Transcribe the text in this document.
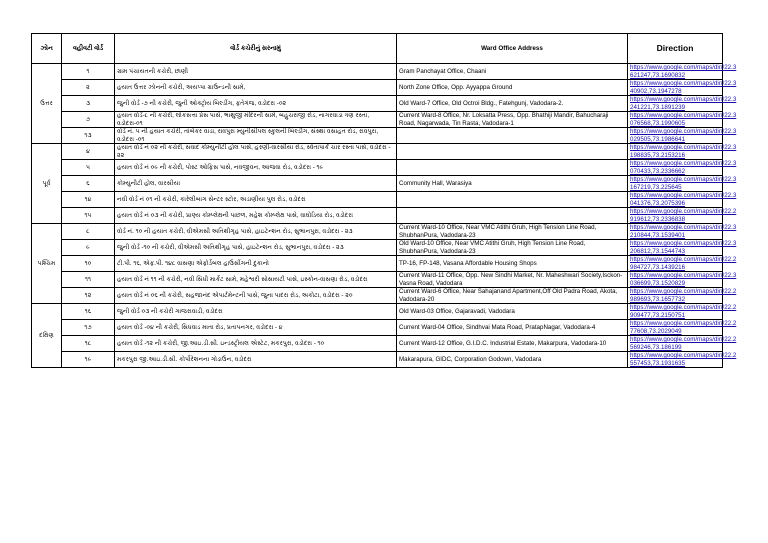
ઝોન	વહીવટી વોર્ડ	વોર્ડ કચેરીનું સરનામું	Ward Office Address	Direction
ઉત્તર	૧	ગ્રામ પંચાયતની કચેરી, છાણી	Gram Panchayat Office, Chaani	https://www.google.com/maps/dir//22.3 621247,73.1690832
	૨	હયાત ઉત્તર ઝોનની કચેરી, અયપ્પા ગ્રાઉન્ડની સામે,	North Zone Office, Opp. Ayyappa Ground	https://www.google.com/maps/dir//22.3 40902,73.1947278
	૩	જુની વોર્ડ -૭ ની કચેરી, જુની ઓક્ટ્રોય બિલ્ડીંગ, ફતેગંજ, વડોદરા -૦૨	Old Ward-7 Office, Old Octroi Bldg., Fatehgunj, Vadodara-2.	https://www.google.com/maps/dir//22.3 241221,73.1891239
	૭	હયાત વોર્ડ-૮ ની કચેરી, લોકસત્તા પ્રેસ પાસે, ભાથુજી મંદિરની સામે, બહુચરાજી રોડ, નાગરવાડા ત્રણ રસ્તા, વડોદરા-૦૧	Current Ward-8 Office, Nr. Loksatta Press, Opp. Bhathiji Mandir, Bahucharaji Road, Nagarwada, Tin Rasta, Vadodara-1	https://www.google.com/maps/dir//22.3 076568,73.1990605
	૧૩	વોર્ડ નં. ૫ ની હયાત કચેરી, તાંબેકર વાડા, રાવપુરા મ્યુનીસીપલ સ્કુલની બિલ્ડીંગ, સંસ્થા વસાહત રોડ, રાવપુરા, વડોદરા -૦૧		https://www.google.com/maps/dir//22.3 029505,73.1986641
પૂર્વ	૪	હયાત વોર્ડ નં ૦૨ ની કચેરી, સવાદ કોમ્યુનીટી હોલ પાસે, હરણી-વારસીયા રોડ, સ્વેતાપાર્ક ચાર રસ્તા પાસે, વડોદરા - ૨૨		https://www.google.com/maps/dir//22.3 198835,73.2153216
	૫	હયાત વોર્ડ નં ૦૯ ની કચેરી, પોસ્ટ ઓફિસ પાસે, નવજીવન, આજવા રોડ, વડોદરા - ૧૯		https://www.google.com/maps/dir//22.3 070433,73.2336662
	૬	કોમ્યુનીટી હોલ, વારસીયા	Community Hall, Warasiya	https://www.google.com/maps/dir//22.3 167219,73.225645
	૧૪	નવી વોર્ડ નં ૦૧ ની કચેરી, કારેલીબાગ સેન્ટર સ્ટોર, અડાણીયા પુલ રોડ, વડોદરા		https://www.google.com/maps/dir//22.3 041376,73.2075396
	૧૫	હયાત વોર્ડ નં ૦૩ ની કચેરી, પ્રાણ્ય કોમ્પ્લેક્ષની પાછળ, મહેશ કોમ્પ્લેક્ષ પાસે, વાઘોડિયા રોડ, વડોદરા		https://www.google.com/maps/dir//22.2 919612,73.2336838
પશ્ચિમ	૮	વોર્ડ નં. ૧૦ ની હયાત કચેરી, વીએમસી અતિથીગૃહ પાસે, હાઇટેન્શન રોડ, સુભાનપુરા, વડોદરા - ૨૩	Current Ward-10 Office, Near VMC Atithi Gruh, High Tension Line Road, ShubhanPura, Vadodara-23	https://www.google.com/maps/dir//22.3 210844,73.1539401
	૯	જુની વોર્ડ -૧૦ ની કચેરી, વીએમસી અતિથીગૃહ પાસે, હાઇટેન્શન રોડ, સુભાનપુરા, વડોદરા - ૨૩	Old Ward-10 Office, Near VMC Atithi Gruh, High Tension Line Road, ShubhanPura, Vadodara-23	https://www.google.com/maps/dir//22.3 206812,73.1544743
	૧૦	ટી.પી. ૧૬, એફ.પી. ૧૪૮ વાસણા એફોર્ડેબલ હાઉસીંગની દુકાનો	TP-16, FP-148, Vasana Affordable Housing Shops	https://www.google.com/maps/dir//22.2 984727,73.1439216
	૧૧	હયાત વોર્ડ નં ૧૧ ની કચેરી, નવી સિંધી માર્કેટ સામે, મહેશ્વરી સોસાયટી પાસે, ઇસ્કોન-વાસણા રોડ, વડોદરા	Current Ward-11 Office, Opp. New Sindhi Market, Nr. Maheshwari Society,Isckon-Vasna Road, Vadodara	https://www.google.com/maps/dir//22.3 036699,73.1520829
	૧૨	હયાત વોર્ડ નં ૦૬ ની કચેરી, સહજાનંદ એપાર્ટમેન્ટની પાસે, જુના પાદરા રોડ, અકોટા, વડોદરા - ૨૦	Current Ward-6 Office, Near Sahajanand Apartment,Off Old Padra Road, Akota, Vadodara-20	https://www.google.com/maps/dir//22.2 989693,73.1657732
દક્ષિણ	૧૬	જુની વોર્ડ ૦૩ ની કચેરી ગાજરાવાડી, વડોદરા	Old Ward-03 Office, Gajaravadi, Vadodara	https://www.google.com/maps/dir//22.2 909477,73.2150751
	૧૭	હયાત વોર્ડ -૦૪ ની કચેરી, સિધવાડ માતા રોડ, પ્રતાપનગર, વડોદરા - ૪	Current Ward-04 Office, Sindhvai Mata Road, PratapNagar, Vadodara-4	https://www.google.com/maps/dir//22.2 77608,73.2029049
	૧૮	હયાત વોર્ડ -૧૨ ની કચેરી, જી.આઇ.ડી.સી. ઇન્ડસ્ટ્રીયલ એસ્ટેટ, મકરપુરા, વડોદરા - ૧૦	Current Ward-12 Office, G.I.D.C. Industrial Estate, Makarpura, Vadodara-10	https://www.google.com/maps/dir//22.2 569246,73.186199
	૧૯	મકરપુરા જી.આઇ.ડી.સી. કોર્પોરેશનના ગોડાઉન, વડોદરા	Makarapura, GIDC, Corporation Godown, Vadodara	https://www.google.com/maps/dir//22.2 557453,73.1931635
